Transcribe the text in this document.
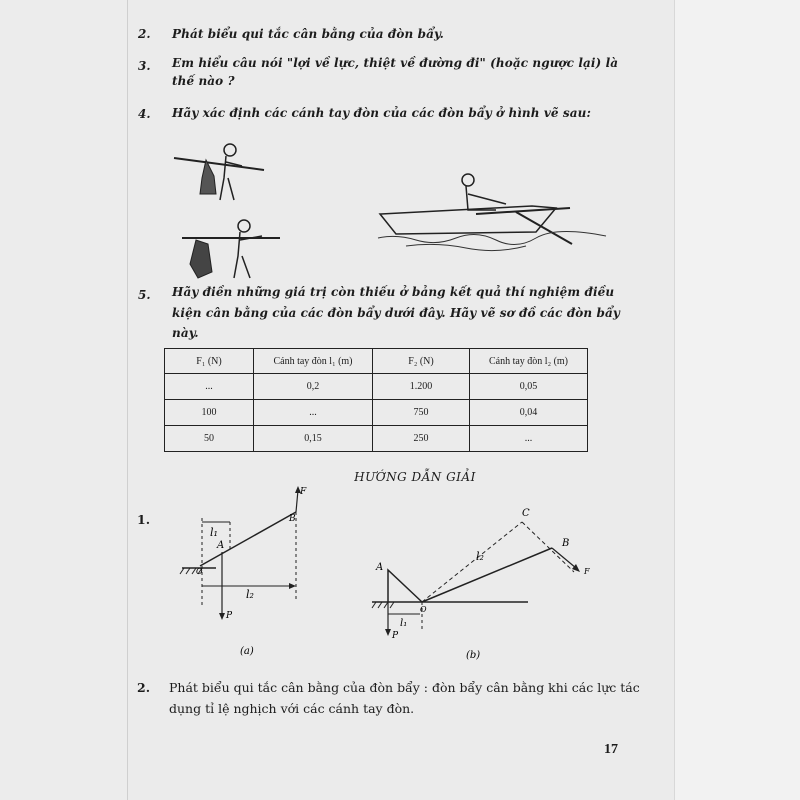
2. Phát biểu qui tắc cân bằng của đòn bẩy.
3. Em hiểu câu nói "lợi về lực, thiệt về đường đi" (hoặc ngược lại) là
thế nào ?
4. Hãy xác định các cánh tay đòn của các đòn bẩy ở hình vẽ sau:
5. Hãy điền những giá trị còn thiếu ở bảng kết quả thí nghiệm điều
kiện cân bằng của các đòn bẩy dưới đây. Hãy vẽ sơ đồ các đòn bẩy
này.
F₁ (N)	Cánh tay đòn l₁ (m)	F₂ (N)	Cánh tay đòn l₂ (m)
...	0,2	1.200	0,05
100	...	750	0,04
50	0,15	250	...
HƯỚNG DẪN GIẢI
1.
F
B
A
O
P
l₁
l₂
(a)
A
B
C
O
F
P
l₁
l₂
(b)
2. Phát biểu qui tắc cân bằng của đòn bẩy : đòn bẩy cân bằng khi các lực tác
dụng tỉ lệ nghịch với các cánh tay đòn.
17
